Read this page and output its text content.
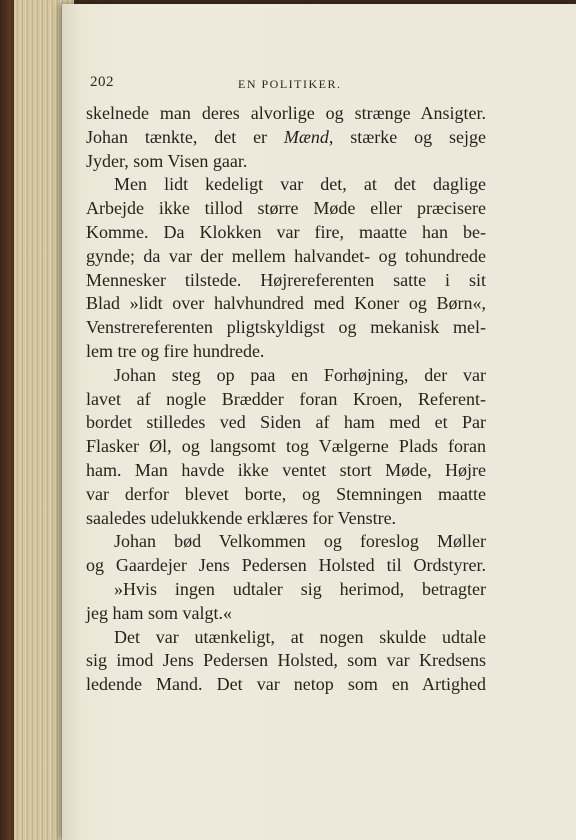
202	EN POLITIKER.
skelnede man deres alvorlige og strænge Ansigter.
Johan tænkte, det er Mænd, stærke og sejge
Jyder, som Visen gaar.
Men lidt kedeligt var det, at det daglige
Arbejde ikke tillod større Møde eller præcisere
Komme. Da Klokken var fire, maatte han be-
gynde; da var der mellem halvandet- og tohundrede
Mennesker tilstede. Højrereferenten satte i sit
Blad »lidt over halvhundred med Koner og Børn«,
Venstrereferenten pligtskyldigst og mekanisk mel-
lem tre og fire hundrede.
Johan steg op paa en Forhøjning, der var
lavet af nogle Brædder foran Kroen, Referent-
bordet stilledes ved Siden af ham med et Par
Flasker Øl, og langsomt tog Vælgerne Plads foran
ham. Man havde ikke ventet stort Møde, Højre
var derfor blevet borte, og Stemningen maatte
saaledes udelukkende erklæres for Venstre.
Johan bød Velkommen og foreslog Møller
og Gaardejer Jens Pedersen Holsted til Ordstyrer.
»Hvis ingen udtaler sig herimod, betragter
jeg ham som valgt.«
Det var utænkeligt, at nogen skulde udtale
sig imod Jens Pedersen Holsted, som var Kredsens
ledende Mand. Det var netop som en Artighed
